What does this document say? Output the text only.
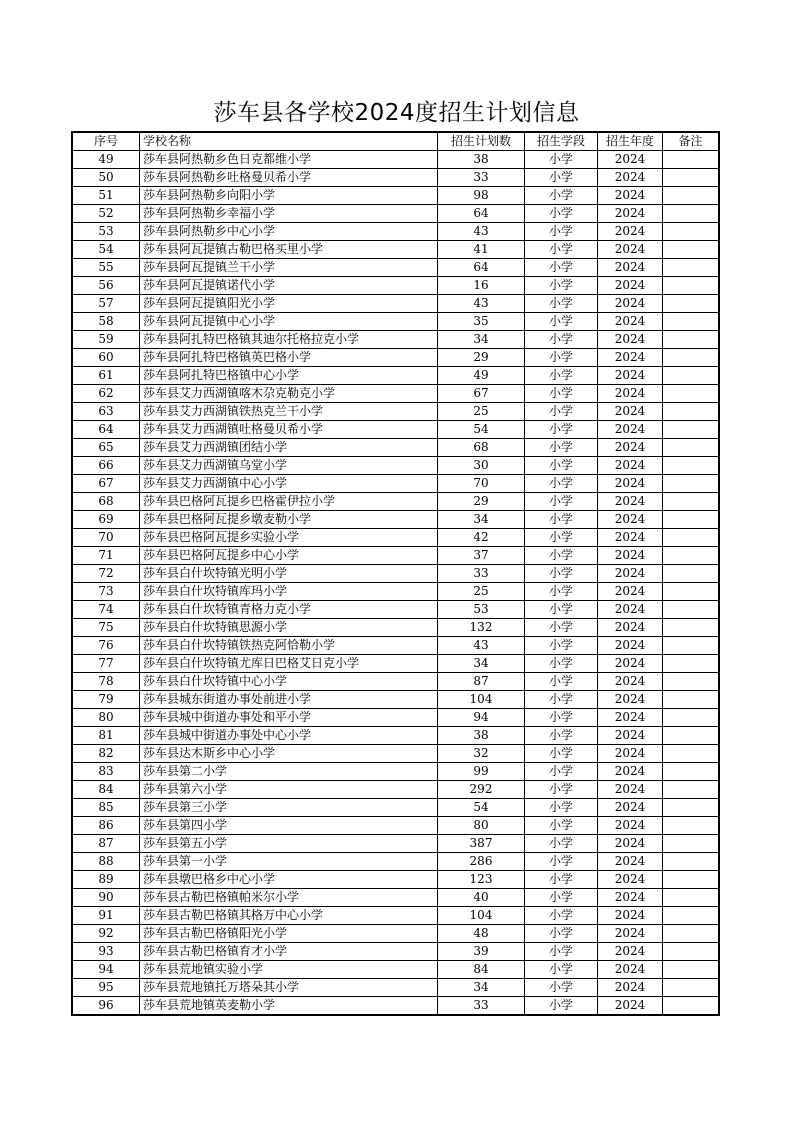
莎车县各学校2024度招生计划信息
序号	学校名称	招生计划数	招生学段	招生年度	备注
49	莎车县阿热勒乡色日克都维小学	38	小学	2024	
50	莎车县阿热勒乡吐格曼贝希小学	33	小学	2024	
51	莎车县阿热勒乡向阳小学	98	小学	2024	
52	莎车县阿热勒乡幸福小学	64	小学	2024	
53	莎车县阿热勒乡中心小学	43	小学	2024	
54	莎车县阿瓦提镇古勒巴格买里小学	41	小学	2024	
55	莎车县阿瓦提镇兰干小学	64	小学	2024	
56	莎车县阿瓦提镇诺代小学	16	小学	2024	
57	莎车县阿瓦提镇阳光小学	43	小学	2024	
58	莎车县阿瓦提镇中心小学	35	小学	2024	
59	莎车县阿扎特巴格镇其迪尔托格拉克小学	34	小学	2024	
60	莎车县阿扎特巴格镇英巴格小学	29	小学	2024	
61	莎车县阿扎特巴格镇中心小学	49	小学	2024	
62	莎车县艾力西湖镇喀木尕克勒克小学	67	小学	2024	
63	莎车县艾力西湖镇铁热克兰干小学	25	小学	2024	
64	莎车县艾力西湖镇吐格曼贝希小学	54	小学	2024	
65	莎车县艾力西湖镇团结小学	68	小学	2024	
66	莎车县艾力西湖镇乌堂小学	30	小学	2024	
67	莎车县艾力西湖镇中心小学	70	小学	2024	
68	莎车县巴格阿瓦提乡巴格霍伊拉小学	29	小学	2024	
69	莎车县巴格阿瓦提乡墩麦勒小学	34	小学	2024	
70	莎车县巴格阿瓦提乡实验小学	42	小学	2024	
71	莎车县巴格阿瓦提乡中心小学	37	小学	2024	
72	莎车县白什坎特镇光明小学	33	小学	2024	
73	莎车县白什坎特镇库玛小学	25	小学	2024	
74	莎车县白什坎特镇青格力克小学	53	小学	2024	
75	莎车县白什坎特镇思源小学	132	小学	2024	
76	莎车县白什坎特镇铁热克阿恰勒小学	43	小学	2024	
77	莎车县白什坎特镇尤库日巴格艾日克小学	34	小学	2024	
78	莎车县白什坎特镇中心小学	87	小学	2024	
79	莎车县城东街道办事处前进小学	104	小学	2024	
80	莎车县城中街道办事处和平小学	94	小学	2024	
81	莎车县城中街道办事处中心小学	38	小学	2024	
82	莎车县达木斯乡中心小学	32	小学	2024	
83	莎车县第二小学	99	小学	2024	
84	莎车县第六小学	292	小学	2024	
85	莎车县第三小学	54	小学	2024	
86	莎车县第四小学	80	小学	2024	
87	莎车县第五小学	387	小学	2024	
88	莎车县第一小学	286	小学	2024	
89	莎车县墩巴格乡中心小学	123	小学	2024	
90	莎车县古勒巴格镇帕米尔小学	40	小学	2024	
91	莎车县古勒巴格镇其格万中心小学	104	小学	2024	
92	莎车县古勒巴格镇阳光小学	48	小学	2024	
93	莎车县古勒巴格镇育才小学	39	小学	2024	
94	莎车县荒地镇实验小学	84	小学	2024	
95	莎车县荒地镇托万塔朵其小学	34	小学	2024	
96	莎车县荒地镇英麦勒小学	33	小学	2024	
